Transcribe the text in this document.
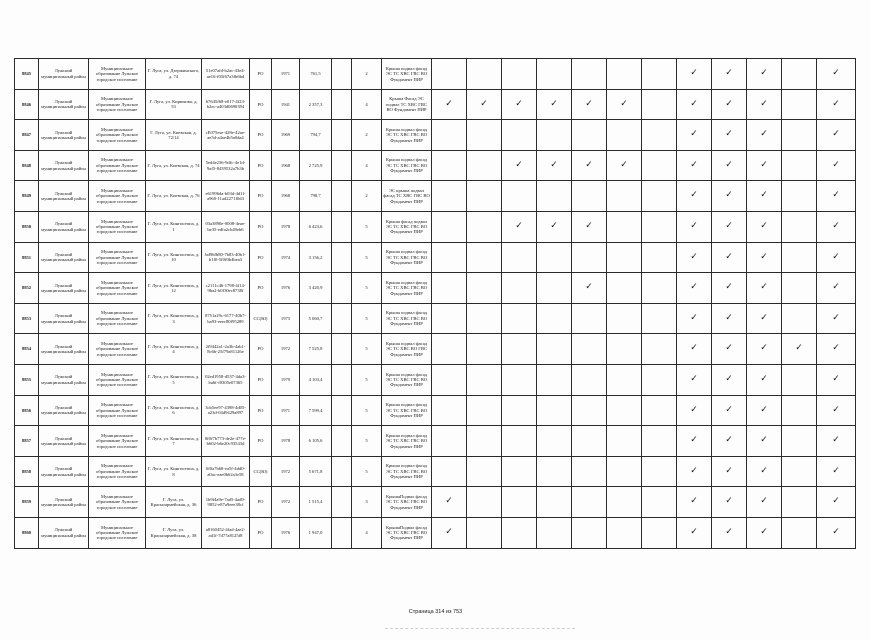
8845	Лужский муниципальный район	Муниципальное образование Лужское городское поселение	Г. Луга, ул. Дзержинского, д. 74	51e07afd-b2ac-43e4-ae16-f05f67a3fb6bd	РО	1971	761,5		2	Крыша подвал фасад ЭС ТС ХВС ГВС ВО Фундамент ПИР								✓	✓	✓		✓
8846	Лужский муниципальный район	Муниципальное образование Лужское городское поселение	Г. Луга, ул. Кирюкова, д. 53	67645f68-e017-4f23-b2ec-a403d0690394	РО	1941	2 357,3		4	Крыша Фасад ЭС подвал ТС ХВС ГВС ВО Фундамент ПИР	✓	✓	✓	✓	✓	✓		✓	✓	✓		✓
8847	Лужский муниципальный район	Муниципальное образование Лужское городское поселение	Г. Луга, ул. Киевская, д. 72/14	cE075ese-428e-42ae-ae5d-a4ae4b5a0da4	РО	1969	794,7		2	Крыша подвал фасад ЭС ТС ХВС ГВС ВО Фундамент ПИР								✓	✓	✓		✓
8848	Лужский муниципальный район	Муниципальное образование Лужское городское поселение	Г. Луга, ул. Киевская, д. 74	5ed4e236-9dfc-4e1d-9af5-8439532a7b3b	РО	1968	2 725,9		4	Крыша подвал фасад ЭС ТС ХВС ГВС ВО Фундамент ПИР			✓	✓	✓	✓		✓	✓	✓		✓
8849	Лужский муниципальный район	Муниципальное образование Лужское городское поселение	Г. Луга, ул. Киевская, д. 76	e61996da-b03d-4d1f-a960-11ad2271f0d3	РО	1968	798,7		2	ЭС крыша подвал фасад ТС ХВС ГВС ВО Фундамент ПИР								✓	✓	✓		✓
8850	Лужский муниципальный район	Муниципальное образование Лужское городское поселение	Г. Луга, ул. Кингисеппа, д. 1	03a3890e-0008-4eae-be35-edfa2cb49eb6	РО	1978	6 423,6		5	Крыша фасад подвал ЭС ТС ХВС ГВС ВО Фундамент ПИР			✓	✓	✓			✓	✓	✓		✓
8851	Лужский муниципальный район	Муниципальное образование Лужское городское поселение	Г. Луга, ул. Кингисеппа, д. 10	bd96fb80-7b83-40b1-b1f0-5f0f0b4bea3	РО	1974	3 156,2		5	Крыша подвал фасад ЭС ТС ХВС ГВС ВО Фундамент ПИР								✓	✓	✓		✓
8852	Лужский муниципальный район	Муниципальное образование Лужское городское поселение	Г. Луга, ул. Кингисеппа, д. 12	c2111c46-1798-4f14-9ba2-b0f30ec8738f	РО	1976	3 420,9		5	Крыша подвал фасад ЭС ТС ХВС ГВС ВО Фундамент ПИР					✓			✓	✓	✓		✓
8853	Лужский муниципальный район	Муниципальное образование Лужское городское поселение	Г. Луга, ул. Кингисеппа, д. 3	8751a29c-6177-40b7-ba93-eeec80f95289	СС(Ю)	1973	5 060,7		5	Крыша подвал фасад ЭС ТС ХВС ГВС ВО Фундамент ПИР								✓	✓	✓		✓
8854	Лужский муниципальный район	Муниципальное образование Лужское городское поселение	Г. Луга, ул. Кингисеппа, д. 4	2f9442a1-2a3b-4ab1-8c6b-25f79a81126e	РО	1972	7 525,8		5	Крыша подвал фасад ЭС ТС ХВС ВО ГВС Фундамент ПИР								✓	✓	✓	✓	✓
8855	Лужский муниципальный район	Муниципальное образование Лужское городское поселение	Г. Луга, ул. Кингисеппа, д. 5	02ed1958-d537-4da3-ba6f-f0305e07365	РО	1979	4 103,4		5	Крыша подвал фасад ЭС ТС ХВС ГВС ВО Фундамент ПИР								✓	✓	✓		✓
8856	Лужский муниципальный район	Муниципальное образование Лужское городское поселение	Г. Луга, ул. Кингисеппа, д. 6	3cb5ee97-4398-4d05-a23d-04d9429a897	РО	1971	7 599,4		5	Крыша подвал фасад ЭС ТС ХВС ГВС ВО Фундамент ПИР								✓	✓	✓		✓
8857	Лужский муниципальный район	Муниципальное образование Лужское городское поселение	Г. Луга, ул. Кингисеппа, д. 7	0f0f7b773-de2e-477e-b602-b6e20c93543d	РО	1978	6 105,6		5	Крыша подвал фасад ЭС ТС ХВС ГВС ВО Фундамент ПИР								✓	✓	✓		✓
8858	Лужский муниципальный район	Муниципальное образование Лужское городское поселение	Г. Луга, ул. Кингисеппа, д. 8	6f0a7b68-ea5f-4dd0-a0ac-eae0b62a3e58	СС(Ю)	1972	5 671,8		5	Крыша подвал фасад ЭС ТС ХВС ГВС ВО Фундамент ПИР								✓	✓	✓		✓
8859	Лужский муниципальный район	Муниципальное образование Лужское городское поселение	Г. Луга, ул. Красноармейская, д. 36	1b9f4a9e-7ad5-4ad9-9852-e87a9eee38cf	РО	1972	1 515,4		3	КрышаПодвал фасад ЭС ТС ХВС ГВС ВО Фундамент ПИР	✓							✓	✓	✓		✓
8860	Лужский муниципальный район	Муниципальное образование Лужское городское поселение	Г. Луга, ул. Красноармейская, д. 38	a8160452-4fad-4ae2-ad1f-7d77a8125f8	РО	1976	1 947,0		4	КрышаПодвал фасад ЭС ТС ХВС ГВС ВО Фундамент ПИР	✓							✓	✓	✓		✓
Страница 314 из 753
